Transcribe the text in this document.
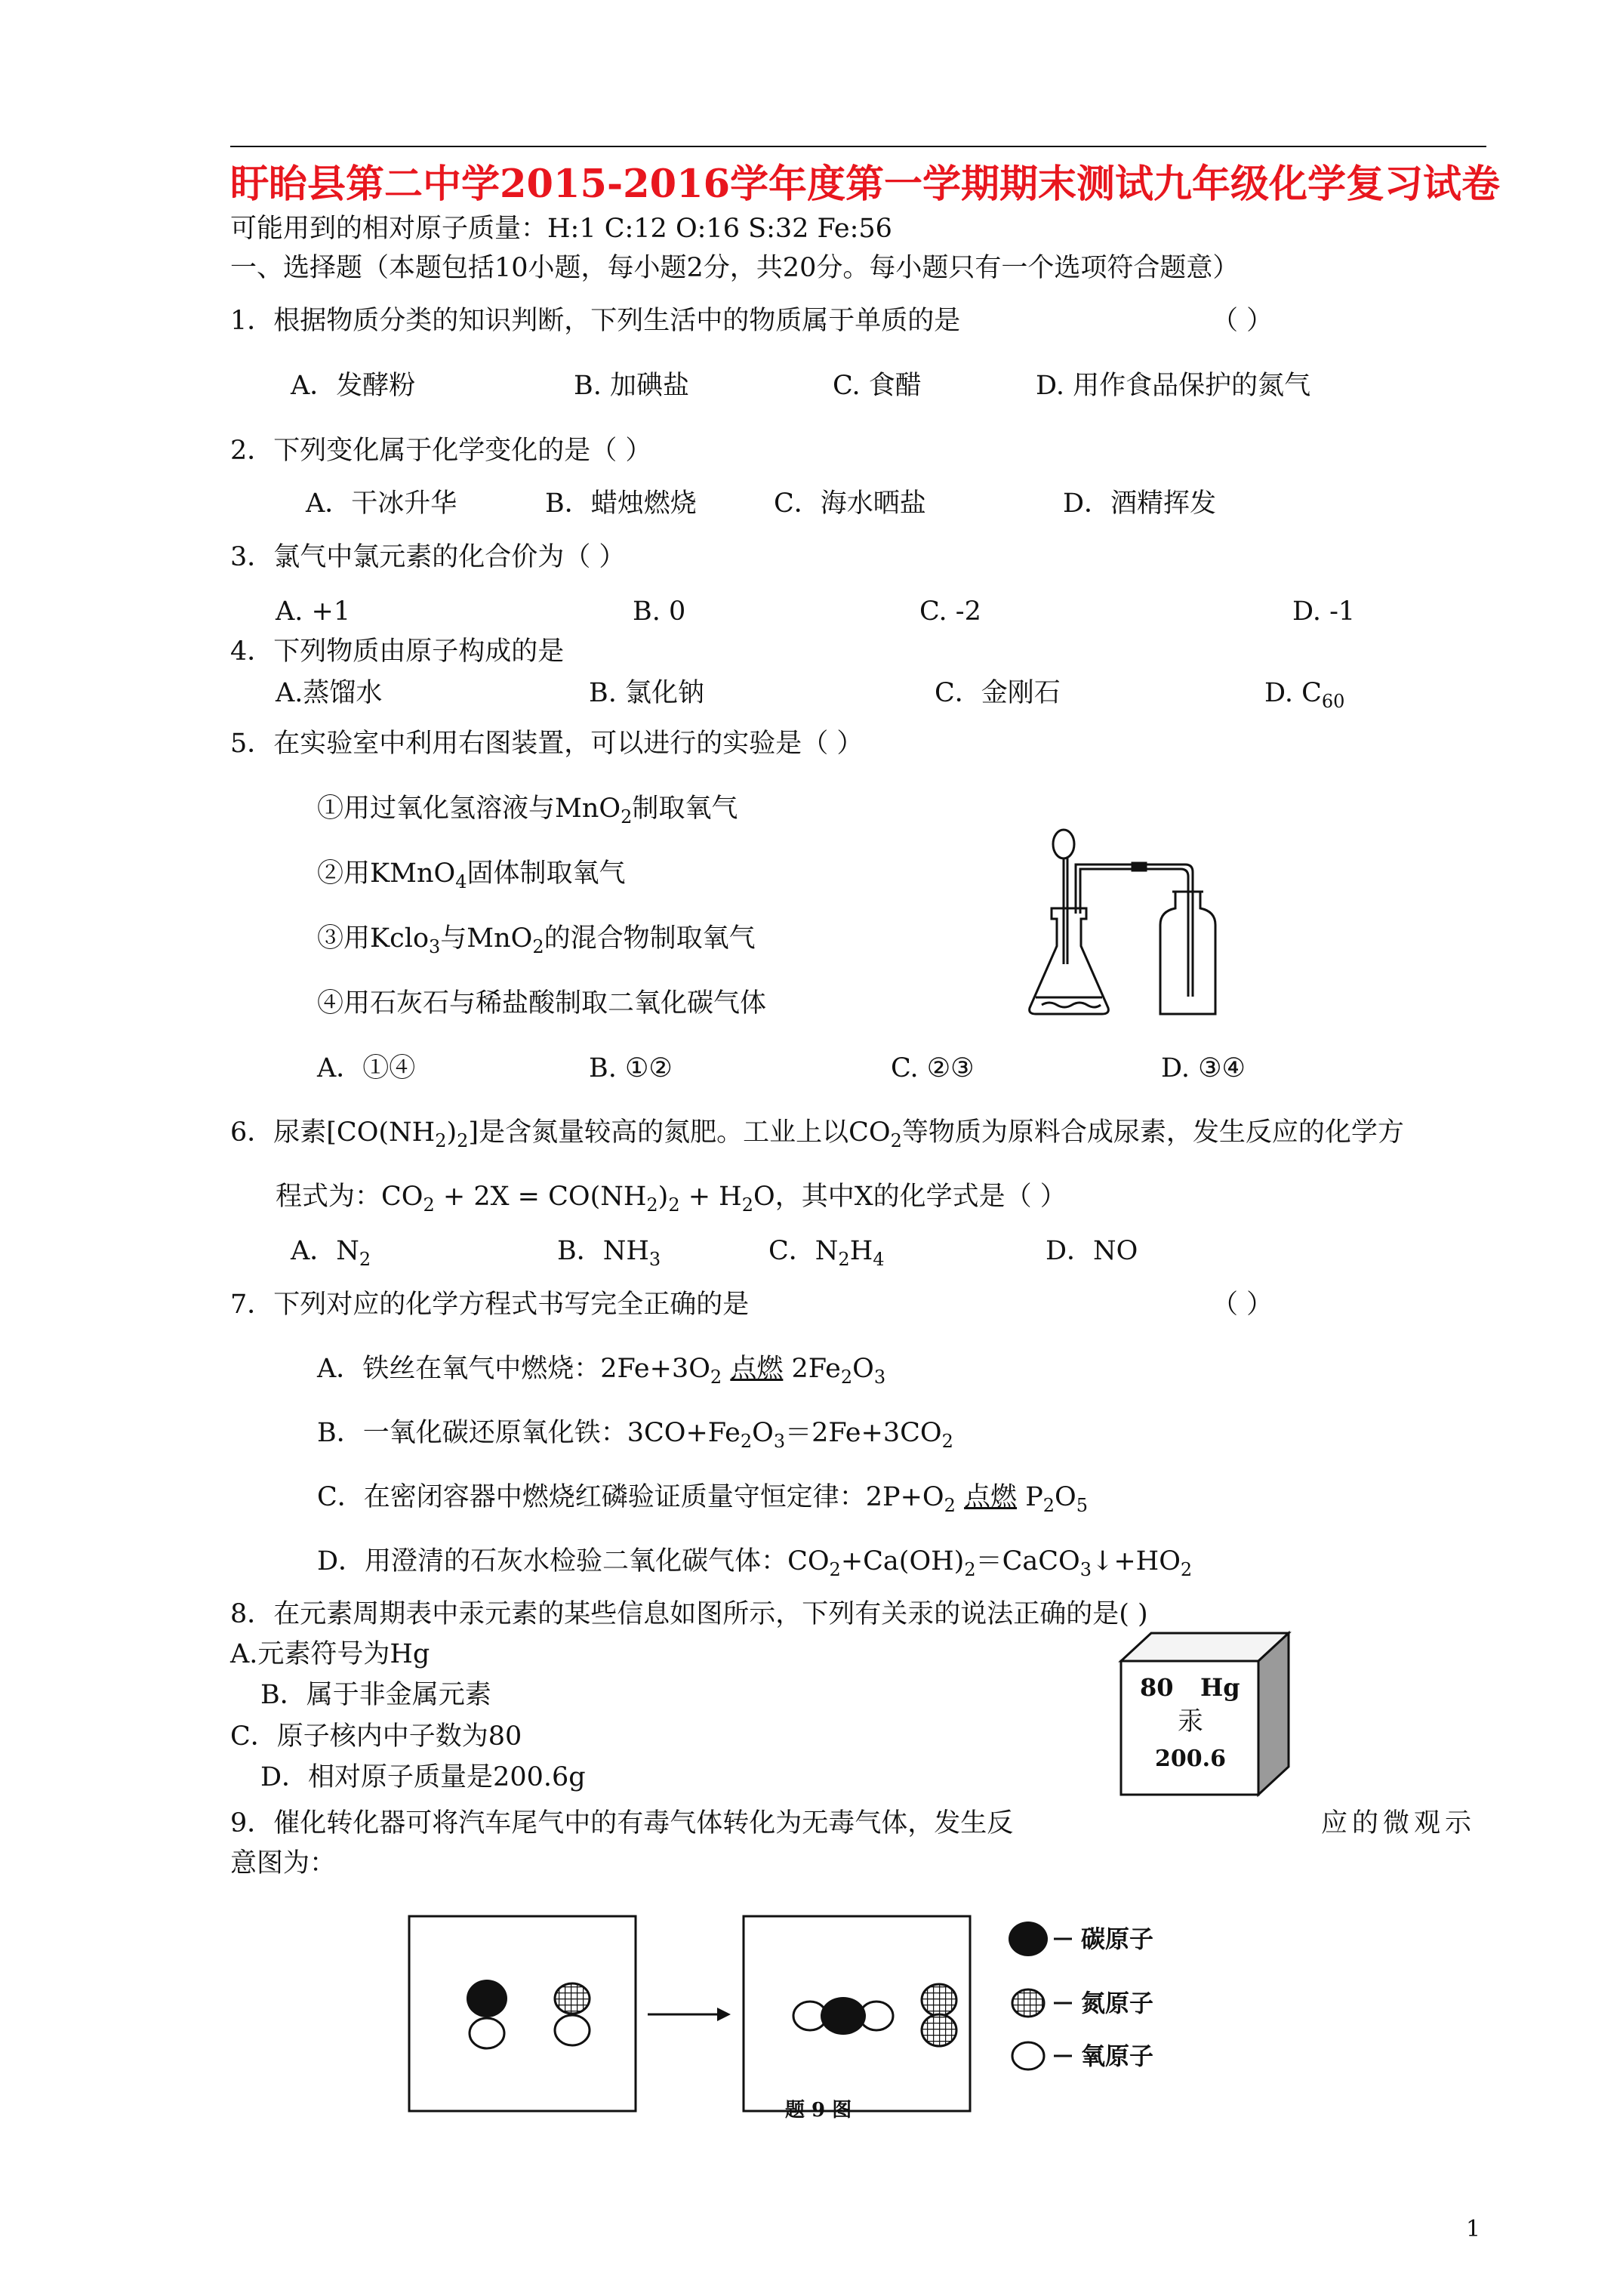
盱眙县第二中学2015-2016学年度第一学期期末测试九年级化学复习试卷
可能用到的相对原子质量：H:1 C:12 O:16 S:32 Fe:56
一、选择题（本题包括10小题，每小题2分，共20分。每小题只有一个选项符合题意）
1．根据物质分类的知识判断，下列生活中的物质属于单质的是	（ ）
A．发酵粉	B. 加碘盐	C. 食醋	D. 用作食品保护的氮气
2．下列变化属于化学变化的是（ ）
A．干冰升华	B．蜡烛燃烧	C．海水晒盐	D．酒精挥发
3．氯气中氯元素的化合价为（ ）
A. +1	B. 0	C. -2	D. -1
4．下列物质由原子构成的是
A.蒸馏水	B. 氯化钠	C．金刚石	D. $C_{60}$
5．在实验室中利用右图装置，可以进行的实验是（ ）
①用过氧化氢溶液与MnO$_2$制取氧气
②用KMnO$_4$固体制取氧气
③用Kclo$_3$与MnO$_2$的混合物制取氧气
④用石灰石与稀盐酸制取二氧化碳气体
A．①④	B. ①②	C. ②③	D. ③④
6．尿素$[CO(NH_2)_2]$是含氮量较高的氮肥。工业上以$CO_2$等物质为原料合成尿素，发生反应的化学方
程式为：$CO_2 + 2X = CO(NH_2)_2 + H_2O$，其中X的化学式是（ ）
A．$N_2$	B．$NH_3$	C．$N_2H_4$	D．NO
7．下列对应的化学方程式书写完全正确的是	（ ）
A．铁丝在氧气中燃烧：$2Fe+3O_2$ 点燃 $2Fe_2O_3$
B．一氧化碳还原氧化铁：$3CO+Fe_2O_3=2Fe+3CO_2$
C．在密闭容器中燃烧红磷验证质量守恒定律：$2P+O_2$ 点燃 $P_2O_5$
D．用澄清的石灰水检验二氧化碳气体：$CO_2+Ca(OH)_2=CaCO_3↓+HO_2$
8．在元素周期表中汞元素的某些信息如图所示，下列有关汞的说法正确的是( )
A.元素符号为Hg
B．属于非金属元素
C．原子核内中子数为80
D．相对原子质量是200.6g
80 Hg
汞
200.6
9．催化转化器可将汽车尾气中的有毒气体转化为无毒气体，发生反	应的微观示
意图为：
碳原子
氮原子
氧原子
题 9 图
1
